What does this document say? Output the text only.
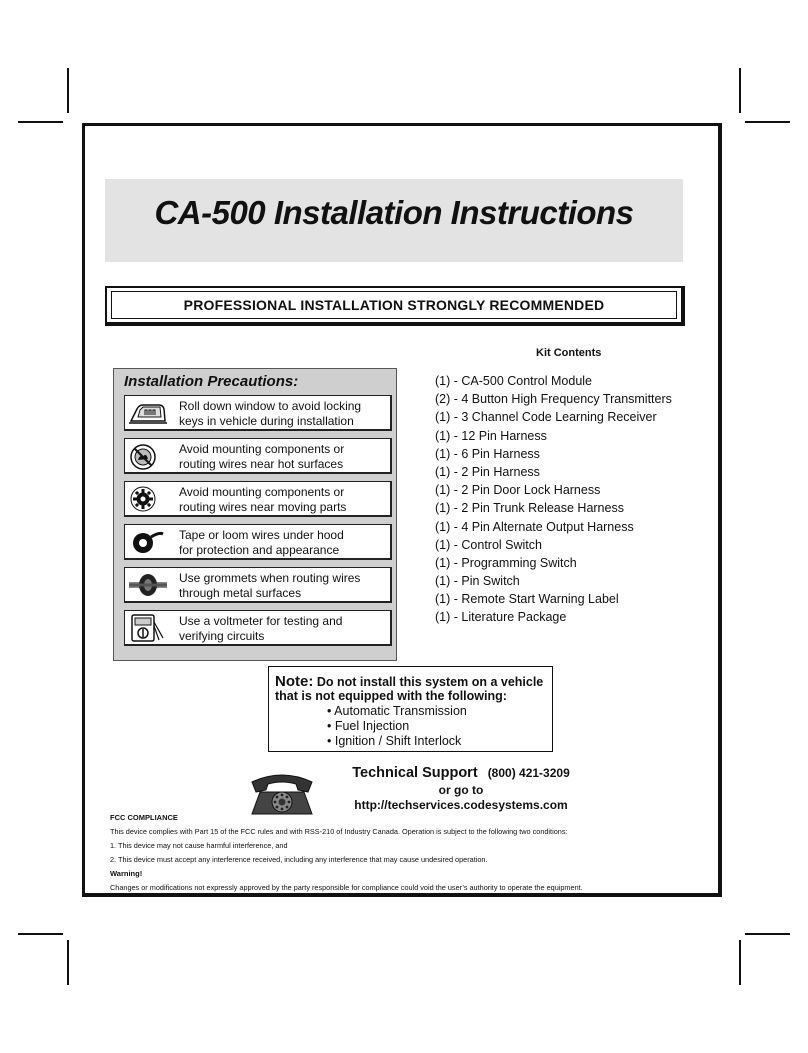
CA-500 Installation Instructions
PROFESSIONAL INSTALLATION STRONGLY RECOMMENDED
Kit Contents
(1) - CA-500 Control Module
(2) - 4 Button High Frequency Transmitters
(1) - 3 Channel Code Learning Receiver
(1) - 12 Pin Harness
(1) - 6 Pin Harness
(1) - 2 Pin Harness
(1) - 2 Pin Door Lock Harness
(1) - 2 Pin Trunk Release Harness
(1) - 4 Pin Alternate Output Harness
(1) - Control Switch
(1) - Programming Switch
(1) - Pin Switch
(1) - Remote Start Warning Label
(1) - Literature Package
Installation Precautions:
Roll down window to avoid locking
keys in vehicle during installation
Avoid mounting components or
routing wires near hot surfaces
Avoid mounting components or
routing wires near moving parts
Tape or loom wires under hood
for protection and appearance
Use grommets when routing wires
through metal surfaces
Use a voltmeter for testing and
verifying circuits
Note: Do not install this system on a vehicle
that is not equipped with the following:
• Automatic Transmission
• Fuel Injection
• Ignition / Shift Interlock
Technical Support (800) 421-3209
or go to
http://techservices.codesystems.com

FCC COMPLIANCE

This device complies with Part 15 of the FCC rules and with RSS-210 of Industry Canada. Operation is subject to the following two conditions:

1. This device may not cause harmful interference, and

2. This device must accept any interference received, including any interference that may cause undesired operation.

Warning!

Changes or modifications not expressly approved by the party responsible for compliance could void the user’s authority to operate the equipment.
